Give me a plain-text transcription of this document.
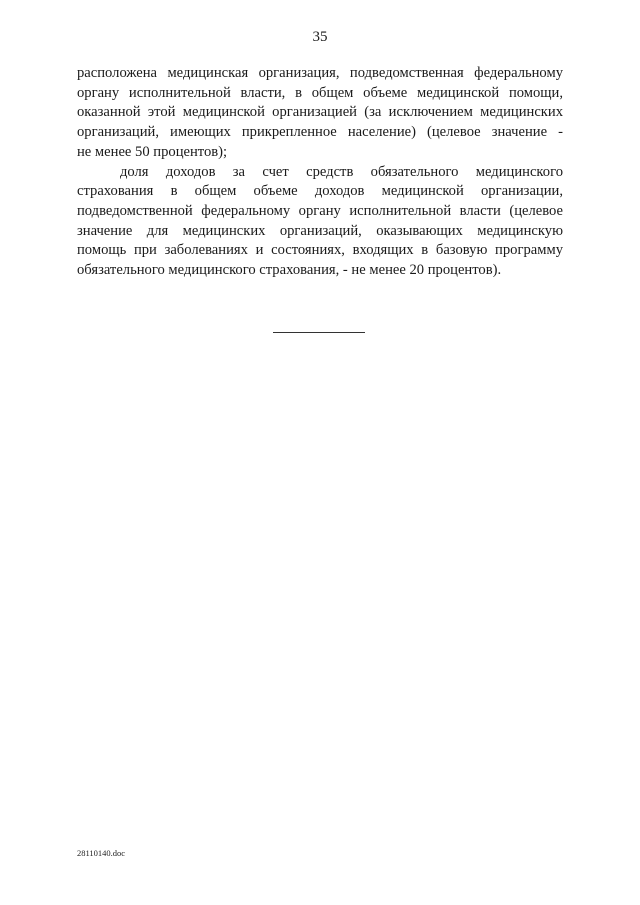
35
расположена медицинская организация, подведомственная федеральному
органу исполнительной власти, в общем объеме медицинской помощи,
оказанной этой медицинской организацией (за исключением медицинских
организаций, имеющих прикрепленное население) (целевое значение -
не менее 50 процентов);
доля доходов за счет средств обязательного медицинского
страхования в общем объеме доходов медицинской организации,
подведомственной федеральному органу исполнительной власти (целевое
значение для медицинских организаций, оказывающих медицинскую
помощь при заболеваниях и состояниях, входящих в базовую программу
обязательного медицинского страхования, - не менее 20 процентов).
28110140.doc
